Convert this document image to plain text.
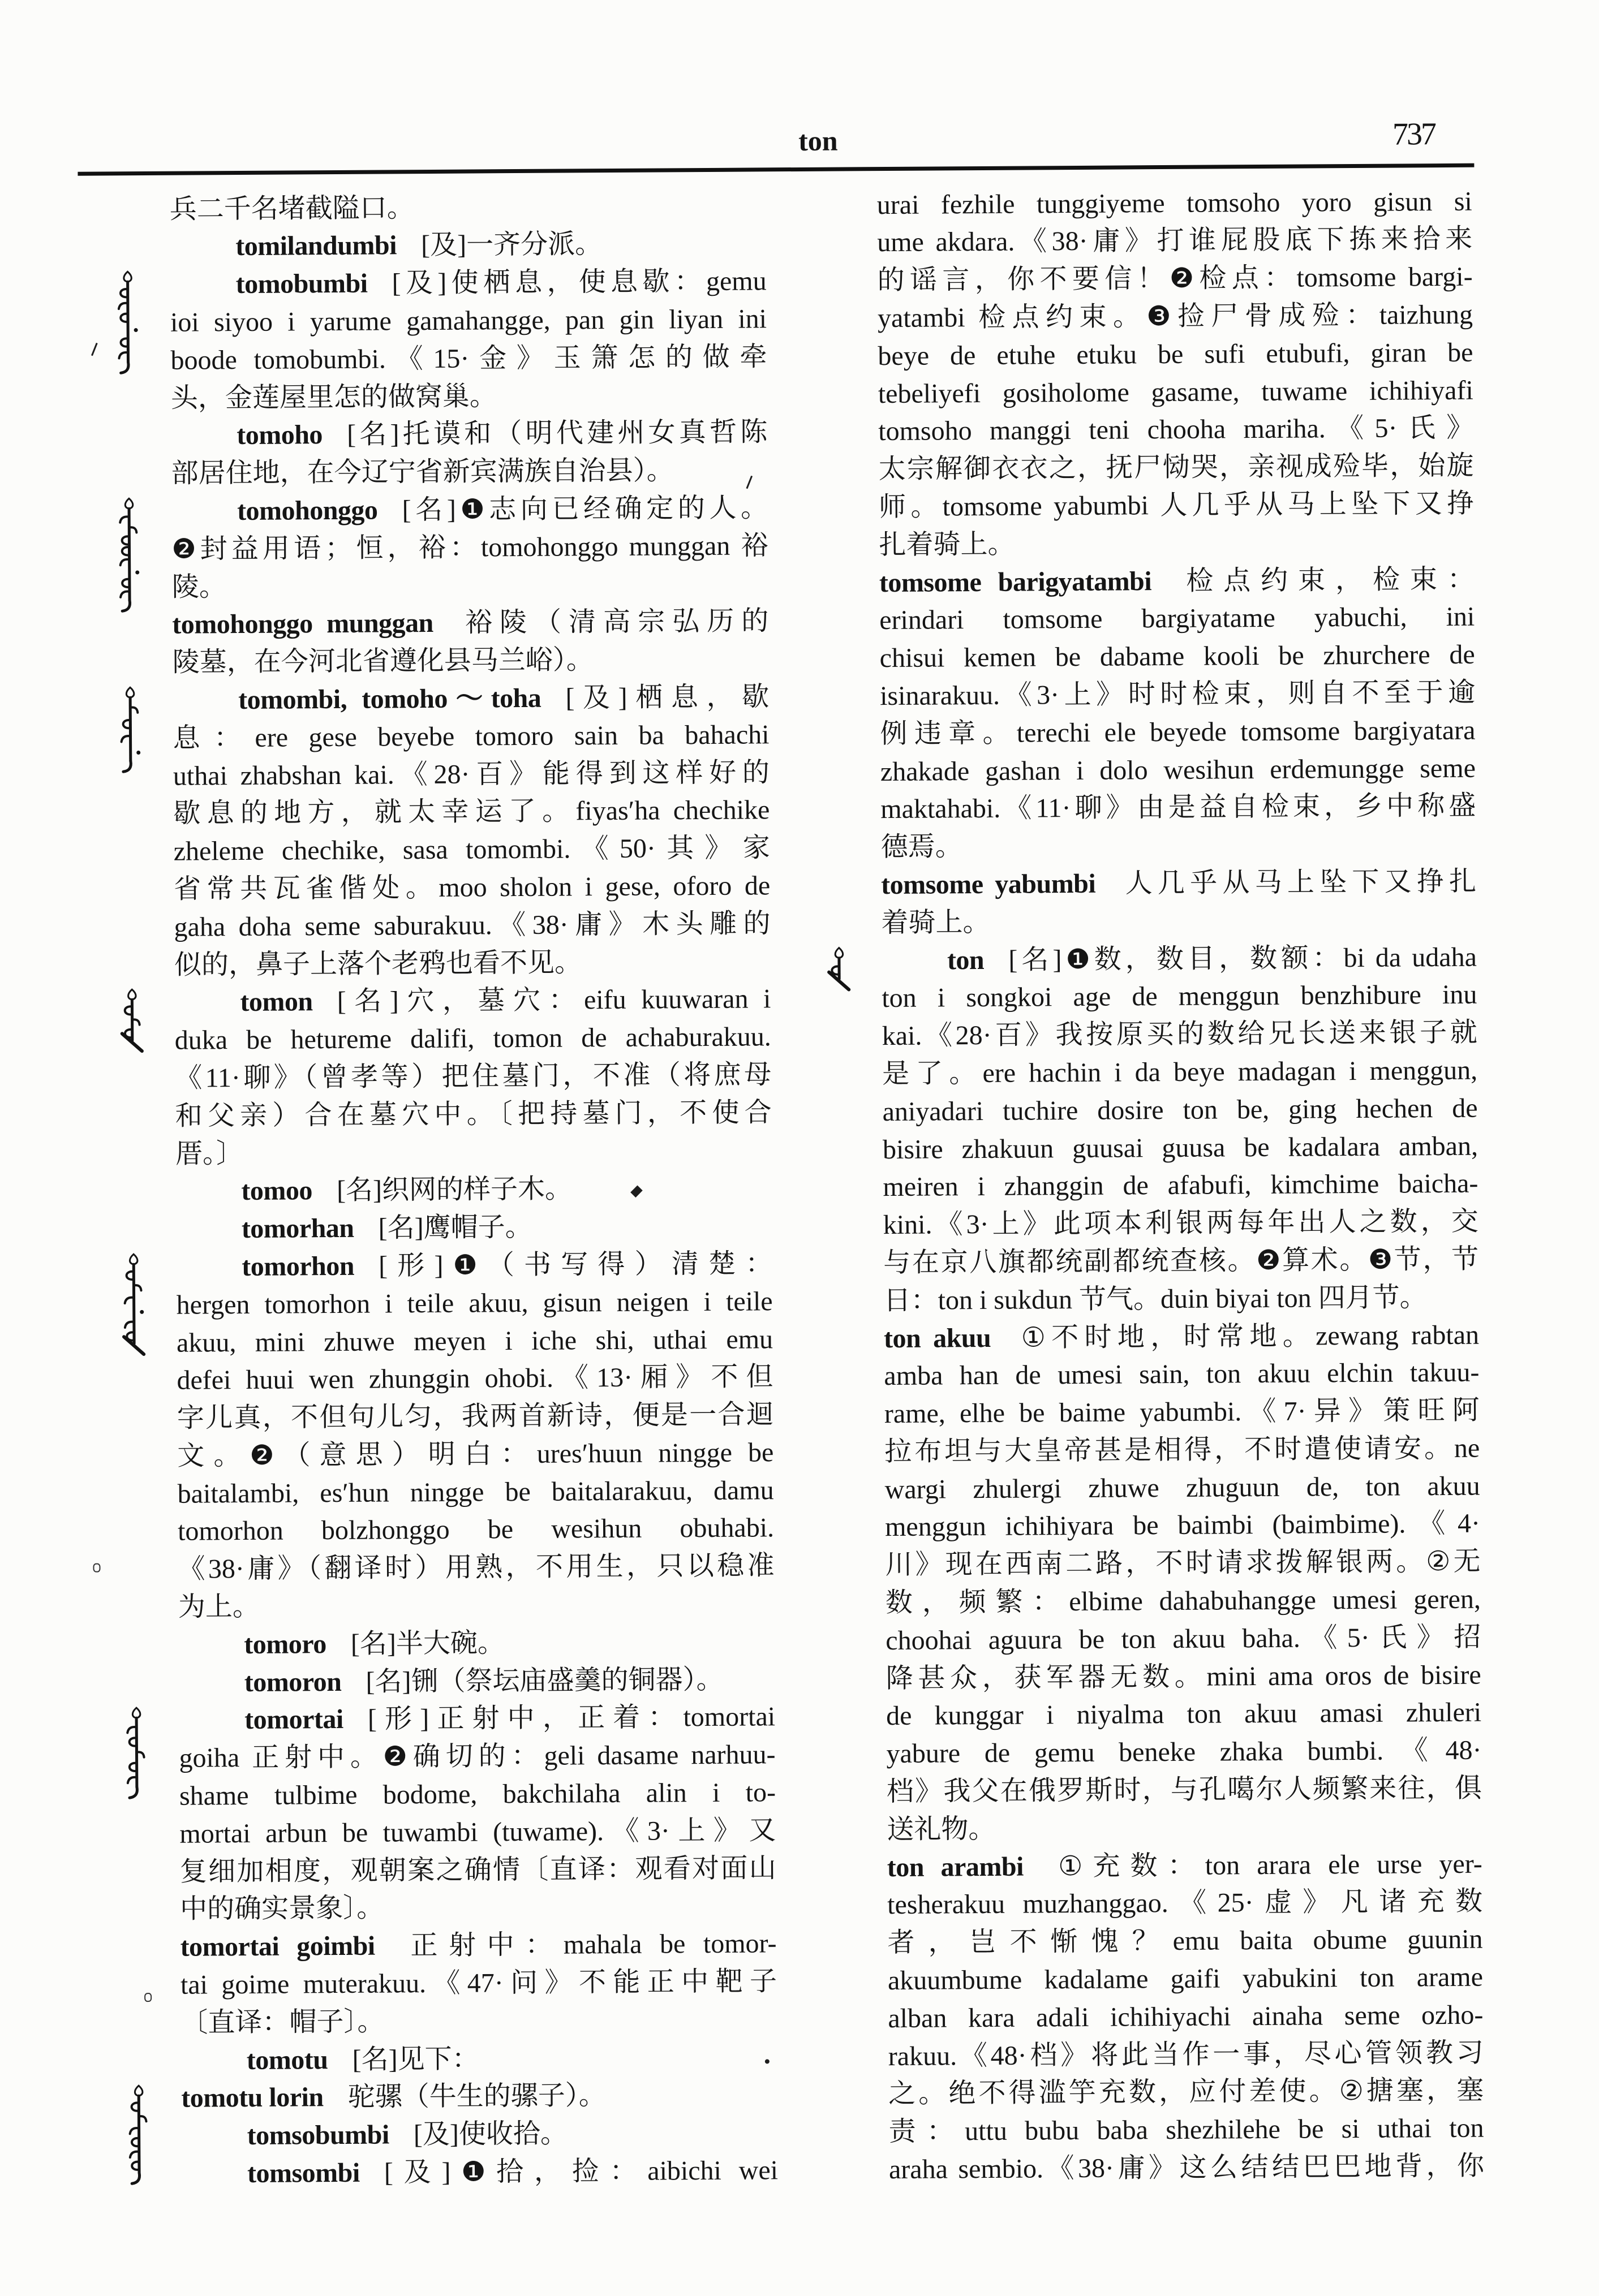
ton	737
兵二千名堵截隘口。
tomilandumbi [及]一齐分派。
tomobumbi [及]使栖息，使息歇：gemu
ioi siyoo i yarume gamahangge, pan gin liyan ini
boode tomobumbi.《15·金》玉箫怎的做牵
头，金莲屋里怎的做窝巢。
tomoho [名]托谟和（明代建州女真哲陈
部居住地，在今辽宁省新宾满族自治县）。
tomohonggo [名]❶志向已经确定的人。
❷封益用语；恒，裕：tomohonggo munggan 裕
陵。
tomohonggo munggan 裕陵（清高宗弘历的
陵墓，在今河北省遵化县马兰峪）。
tomombi, tomoho～toha [及]栖息，歇
息：ere gese beyebe tomoro sain ba bahachi
uthai zhabshan kai.《28·百》能得到这样好的
歇息的地方，就太幸运了。fiyas′ha chechike
zheleme chechike, sasa tomombi.《50·其》家
省常共瓦雀偕处。moo sholon i gese, oforo de
gaha doha seme saburakuu.《38·庸》木头雕的
似的，鼻子上落个老鸦也看不见。
tomon [名]穴，墓穴：eifu kuuwaran i
duka be hetureme dalifi, tomon de achaburakuu.
《11·聊》（曾孝等）把住墓门，不准（将庶母
和父亲）合在墓穴中。〔把持墓门，不使合
厝。〕
tomoo [名]织网的样子木。
tomorhan [名]鹰帽子。
tomorhon [形]❶（书写得）清楚：
hergen tomorhon i teile akuu, gisun neigen i teile
akuu, mini zhuwe meyen i iche shi, uthai emu
defei huui wen zhunggin ohobi.《13·厢》不但
字儿真，不但句儿匀，我两首新诗，便是一合迴
文。❷（意思）明白：ures′huun ningge be
baitalambi, es′hun ningge be baitalarakuu, damu
tomorhon bolzhonggo be wesihun obuhabi.
《38·庸》（翻译时）用熟，不用生，只以稳准
为上。
tomoro [名]半大碗。
tomoron [名]铏（祭坛庙盛羹的铜器）。
tomortai [形]正射中，正着：tomortai
goiha 正射中。❷确切的：geli dasame narhuu-
shame tulbime bodome, bakchilaha alin i to-
mortai arbun be tuwambi (tuwame).《3·上》又
复细加相度，观朝案之确情〔直译：观看对面山
中的确实景象〕。
tomortai goimbi 正射中：mahala be tomor-
tai goime muterakuu.《47·问》不能正中靶子
〔直译：帽子〕。
tomotu [名]见下：
tomotu lorin 驼骡（牛生的骡子）。
tomsobumbi [及]使收拾。
tomsombi [及]❶拾，捡：aibichi wei
urai fezhile tunggiyeme tomsoho yoro gisun si
ume akdara.《38·庸》打谁屁股底下拣来拾来
的谣言，你不要信！❷检点：tomsome bargi-
yatambi 检点约束。❸捡尸骨成殓：taizhung
beye de etuhe etuku be sufi etubufi, giran be
tebeliyefi gosiholome gasame, tuwame ichihiyafi
tomsoho manggi teni chooha mariha.《5·氏》
太宗解御衣衣之，抚尸恸哭，亲视成殓毕，始旋
师。tomsome yabumbi 人几乎从马上坠下又挣
扎着骑上。
tomsome barigyatambi 检点约束，检束：
erindari tomsome bargiyatame yabuchi, ini
chisui kemen be dabame kooli be zhurchere de
isinarakuu.《3·上》时时检束，则自不至于逾
例违章。terechi ele beyede tomsome bargiyatara
zhakade gashan i dolo wesihun erdemungge seme
maktahabi.《11·聊》由是益自检束，乡中称盛
德焉。
tomsome yabumbi 人几乎从马上坠下又挣扎
着骑上。
ton [名]❶数，数目，数额：bi da udaha
ton i songkoi age de menggun benzhibure inu
kai.《28·百》我按原买的数给兄长送来银子就
是了。ere hachin i da beye madagan i menggun,
aniyadari tuchire dosire ton be, ging hechen de
bisire zhakuun guusai guusa be kadalara amban,
meiren i zhanggin de afabufi, kimchime baicha-
kini.《3·上》此项本利银两每年出人之数，交
与在京八旗都统副都统查核。❷算术。❸节，节
日：ton i sukdun 节气。duin biyai ton 四月节。
ton akuu ①不时地，时常地。zewang rabtan
amba han de umesi sain, ton akuu elchin takuu-
rame, elhe be baime yabumbi.《7·异》策旺阿
拉布坦与大皇帝甚是相得，不时遣使请安。ne
wargi zhulergi zhuwe zhuguun de, ton akuu
menggun ichihiyara be baimbi (baimbime).《4·
川》现在西南二路，不时请求拨解银两。②无
数，频繁：elbime dahabuhangge umesi geren,
choohai aguura be ton akuu baha.《5·氏》招
降甚众，获军器无数。mini ama oros de bisire
de kunggar i niyalma ton akuu amasi zhuleri
yabure de gemu beneke zhaka bumbi.《48·
档》我父在俄罗斯时，与孔噶尔人频繁来往，俱
送礼物。
ton arambi ①充数：ton arara ele urse yer-
tesherakuu muzhanggao.《25·虚》凡诸充数
者，岂不惭愧？emu baita obume guunin
akuumbume kadalame gaifi yabukini ton arame
alban kara adali ichihiyachi ainaha seme ozho-
rakuu.《48·档》将此当作一事，尽心管领教习
之。绝不得滥竽充数，应付差使。②搪塞，塞
责：uttu bubu baba shezhilehe be si uthai ton
araha sembio.《38·庸》这么结结巴巴地背，你
